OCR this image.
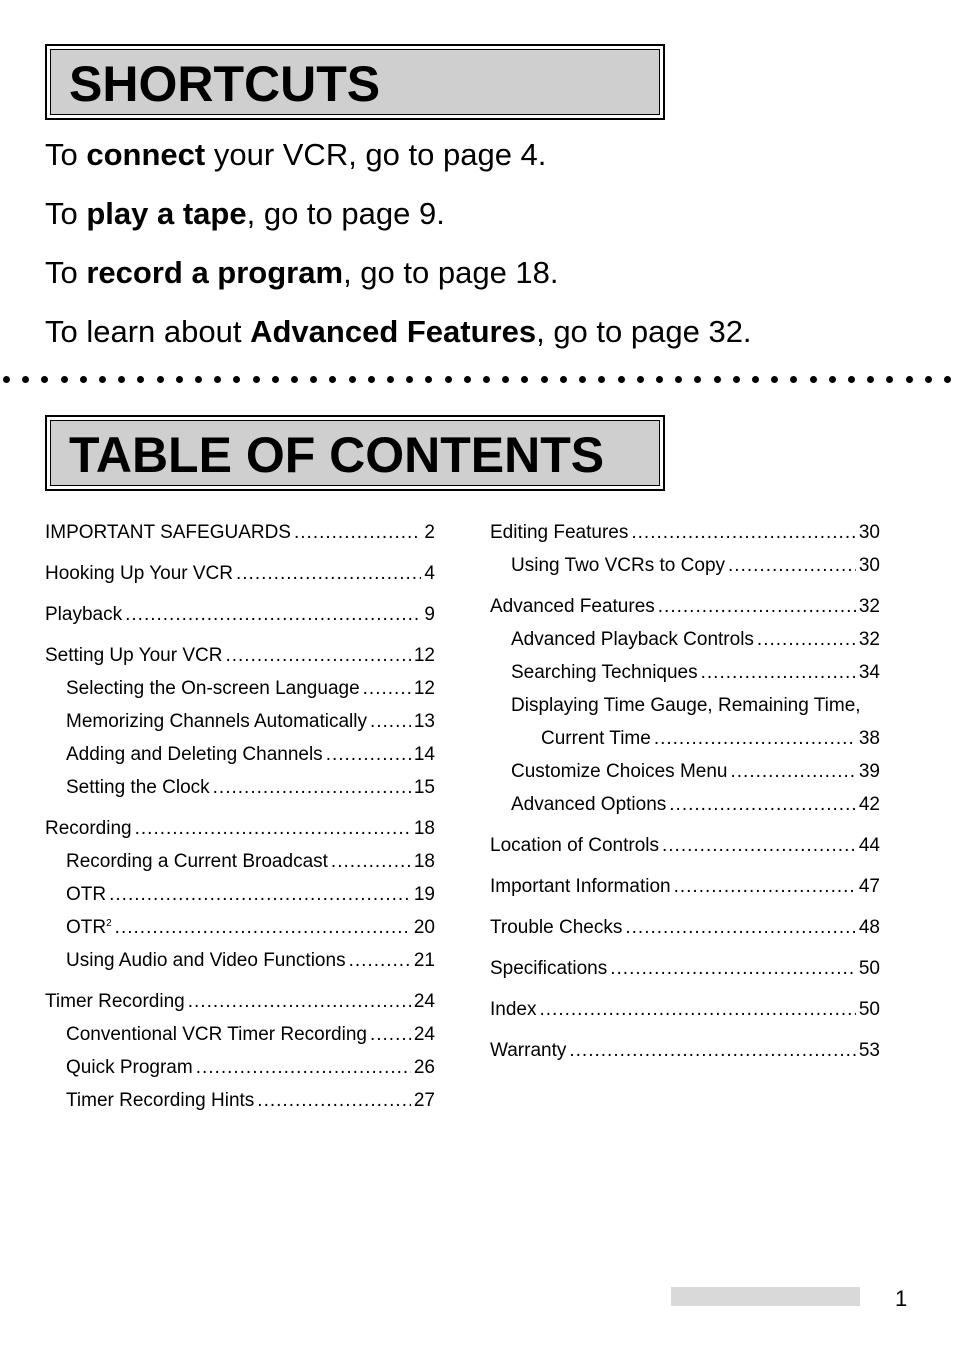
SHORTCUTS
To connect your VCR, go to page 4.
To play a tape, go to page 9.
To record a program, go to page 18.
To learn about Advanced Features, go to page 32.
TABLE OF CONTENTS
IMPORTANT SAFEGUARDS .....	2
Hooking Up Your VCR .....	4
Playback .....	9
Setting Up Your VCR .....	12
Selecting the On-screen Language .....	12
Memorizing Channels Automatically ..... 13
Adding and Deleting Channels .....	14
Setting the Clock .....	15
Recording .....	18
Recording a Current Broadcast .....	18
OTR .....	19
OTR$^2$ .....	20
Using Audio and Video Functions .....	21
Timer Recording .....	24
Conventional VCR Timer Recording ..... 24
Quick Program .....	26
Timer Recording Hints .....	27
Editing Features .....	30
Using Two VCRs to Copy .....	30
Advanced Features .....	32
Advanced Playback Controls .....	32
Searching Techniques .....	34
Displaying Time Gauge, Remaining Time,
Current Time .....	38
Customize Choices Menu .....	39
Advanced Options .....	42
Location of Controls .....	44
Important Information .....	47
Trouble Checks .....	48
Specifications .....	50
Index .....	50
Warranty .....	53
1
